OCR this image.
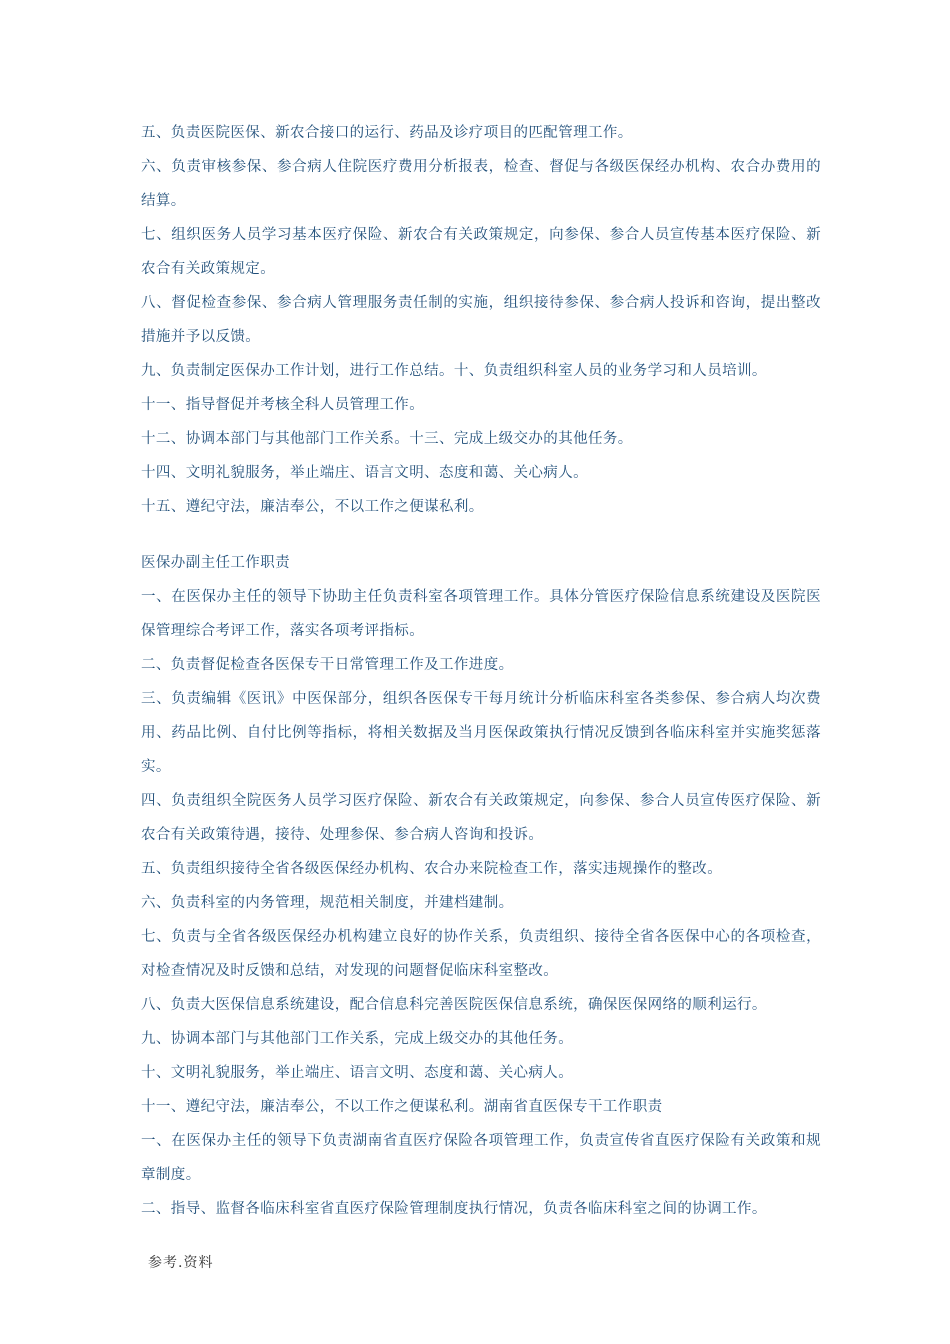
五、负责医院医保、新农合接口的运行、药品及诊疗项目的匹配管理工作。

六、负责审核参保、参合病人住院医疗费用分析报表，检查、督促与各级医保经办机构、农合办费用的结算。

七、组织医务人员学习基本医疗保险、新农合有关政策规定，向参保、参合人员宣传基本医疗保险、新农合有关政策规定。

八、督促检查参保、参合病人管理服务责任制的实施，组织接待参保、参合病人投诉和咨询，提出整改措施并予以反馈。

九、负责制定医保办工作计划，进行工作总结。十、负责组织科室人员的业务学习和人员培训。

十一、指导督促并考核全科人员管理工作。

十二、协调本部门与其他部门工作关系。十三、完成上级交办的其他任务。

十四、文明礼貌服务，举止端庄、语言文明、态度和蔼、关心病人。

十五、遵纪守法，廉洁奉公，不以工作之便谋私利。

医保办副主任工作职责

一、在医保办主任的领导下协助主任负责科室各项管理工作。具体分管医疗保险信息系统建设及医院医保管理综合考评工作，落实各项考评指标。

二、负责督促检查各医保专干日常管理工作及工作进度。

三、负责编辑《医讯》中医保部分，组织各医保专干每月统计分析临床科室各类参保、参合病人均次费用、药品比例、自付比例等指标，将相关数据及当月医保政策执行情况反馈到各临床科室并实施奖惩落实。

四、负责组织全院医务人员学习医疗保险、新农合有关政策规定，向参保、参合人员宣传医疗保险、新农合有关政策待遇，接待、处理参保、参合病人咨询和投诉。

五、负责组织接待全省各级医保经办机构、农合办来院检查工作，落实违规操作的整改。

六、负责科室的内务管理，规范相关制度，并建档建制。

七、负责与全省各级医保经办机构建立良好的协作关系，负责组织、接待全省各医保中心的各项检查，对检查情况及时反馈和总结，对发现的问题督促临床科室整改。

八、负责大医保信息系统建设，配合信息科完善医院医保信息系统，确保医保网络的顺利运行。

九、协调本部门与其他部门工作关系，完成上级交办的其他任务。

十、文明礼貌服务，举止端庄、语言文明、态度和蔼、关心病人。

十一、遵纪守法，廉洁奉公，不以工作之便谋私利。湖南省直医保专干工作职责

一、在医保办主任的领导下负责湖南省直医疗保险各项管理工作，负责宣传省直医疗保险有关政策和规章制度。

二、指导、监督各临床科室省直医疗保险管理制度执行情况，负责各临床科室之间的协调工作。

参考.资料
